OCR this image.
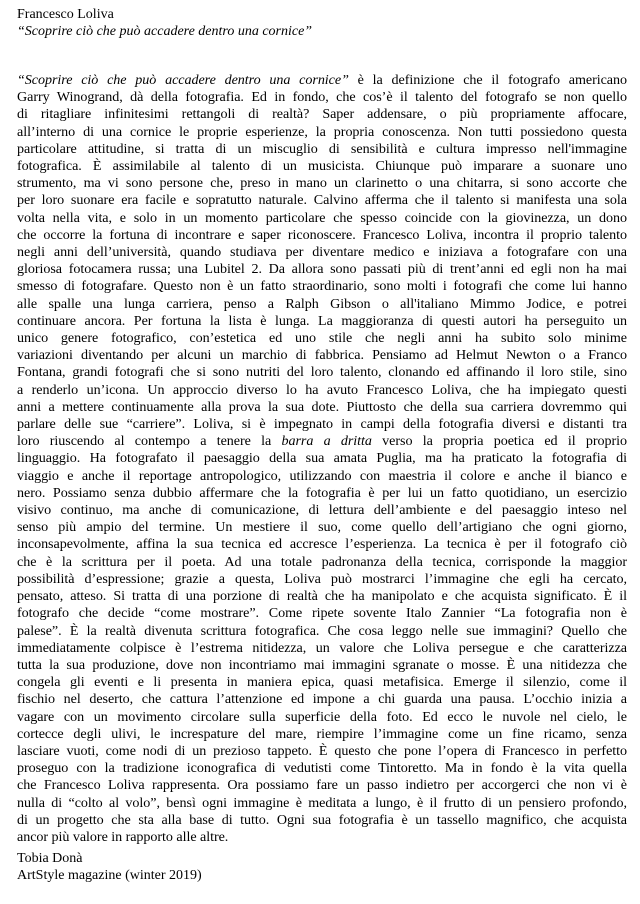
Francesco Loliva
“Scoprire ciò che può accadere dentro una cornice”
“Scoprire ciò che può accadere dentro una cornice” è la definizione che il fotografo americano
Garry Winogrand, dà della fotografia. Ed in fondo, che cos’è il talento del fotografo se non quello
di ritagliare infinitesimi rettangoli di realtà? Saper addensare, o più propriamente affocare,
all’interno di una cornice le proprie esperienze, la propria conoscenza. Non tutti possiedono questa
particolare attitudine, si tratta di un miscuglio di sensibilità e cultura impresso nell'immagine
fotografica. È assimilabile al talento di un musicista. Chiunque può imparare a suonare uno
strumento, ma vi sono persone che, preso in mano un clarinetto o una chitarra, si sono accorte che
per loro suonare era facile e sopratutto naturale. Calvino afferma che il talento si manifesta una sola
volta nella vita, e solo in un momento particolare che spesso coincide con la giovinezza, un dono
che occorre la fortuna di incontrare e saper riconoscere. Francesco Loliva, incontra il proprio talento
negli anni dell’università, quando studiava per diventare medico e iniziava a fotografare con una
gloriosa fotocamera russa; una Lubitel 2. Da allora sono passati più di trent’anni ed egli non ha mai
smesso di fotografare. Questo non è un fatto straordinario, sono molti i fotografi che come lui hanno
alle spalle una lunga carriera, penso a Ralph Gibson o all'italiano Mimmo Jodice, e potrei
continuare ancora. Per fortuna la lista è lunga. La maggioranza di questi autori ha perseguito un
unico genere fotografico, con’estetica ed uno stile che negli anni ha subito solo minime
variazioni diventando per alcuni un marchio di fabbrica. Pensiamo ad Helmut Newton o a Franco
Fontana, grandi fotografi che si sono nutriti del loro talento, clonando ed affinando il loro stile, sino
a renderlo un’icona. Un approccio diverso lo ha avuto Francesco Loliva, che ha impiegato questi
anni a mettere continuamente alla prova la sua dote. Piuttosto che della sua carriera dovremmo qui
parlare delle sue “carriere”. Loliva, si è impegnato in campi della fotografia diversi e distanti tra
loro riuscendo al contempo a tenere la barra a dritta verso la propria poetica ed il proprio
linguaggio. Ha fotografato il paesaggio della sua amata Puglia, ma ha praticato la fotografia di
viaggio e anche il reportage antropologico, utilizzando con maestria il colore e anche il bianco e
nero. Possiamo senza dubbio affermare che la fotografia è per lui un fatto quotidiano, un esercizio
visivo continuo, ma anche di comunicazione, di lettura dell’ambiente e del paesaggio inteso nel
senso più ampio del termine. Un mestiere il suo, come quello dell’artigiano che ogni giorno,
inconsapevolmente, affina la sua tecnica ed accresce l’esperienza. La tecnica è per il fotografo ciò
che è la scrittura per il poeta. Ad una totale padronanza della tecnica, corrisponde la maggior
possibilità d’espressione; grazie a questa, Loliva può mostrarci l’immagine che egli ha cercato,
pensato, atteso. Si tratta di una porzione di realtà che ha manipolato e che acquista significato. È il
fotografo che decide “come mostrare”. Come ripete sovente Italo Zannier “La fotografia non è
palese”. È la realtà divenuta scrittura fotografica. Che cosa leggo nelle sue immagini? Quello che
immediatamente colpisce è l’estrema nitidezza, un valore che Loliva persegue e che caratterizza
tutta la sua produzione, dove non incontriamo mai immagini sgranate o mosse. È una nitidezza che
congela gli eventi e li presenta in maniera epica, quasi metafisica. Emerge il silenzio, come il
fischio nel deserto, che cattura l’attenzione ed impone a chi guarda una pausa. L’occhio inizia a
vagare con un movimento circolare sulla superficie della foto. Ed ecco le nuvole nel cielo, le
cortecce degli ulivi, le increspature del mare, riempire l’immagine come un fine ricamo, senza
lasciare vuoti, come nodi di un prezioso tappeto. È questo che pone l’opera di Francesco in perfetto
proseguo con la tradizione iconografica di vedutisti come Tintoretto. Ma in fondo è la vita quella
che Francesco Loliva rappresenta. Ora possiamo fare un passo indietro per accorgerci che non vi è
nulla di “colto al volo”, bensì ogni immagine è meditata a lungo, è il frutto di un pensiero profondo,
di un progetto che sta alla base di tutto. Ogni sua fotografia è un tassello magnifico, che acquista
ancor più valore in rapporto alle altre.
Tobia Donà
ArtStyle magazine (winter 2019)
